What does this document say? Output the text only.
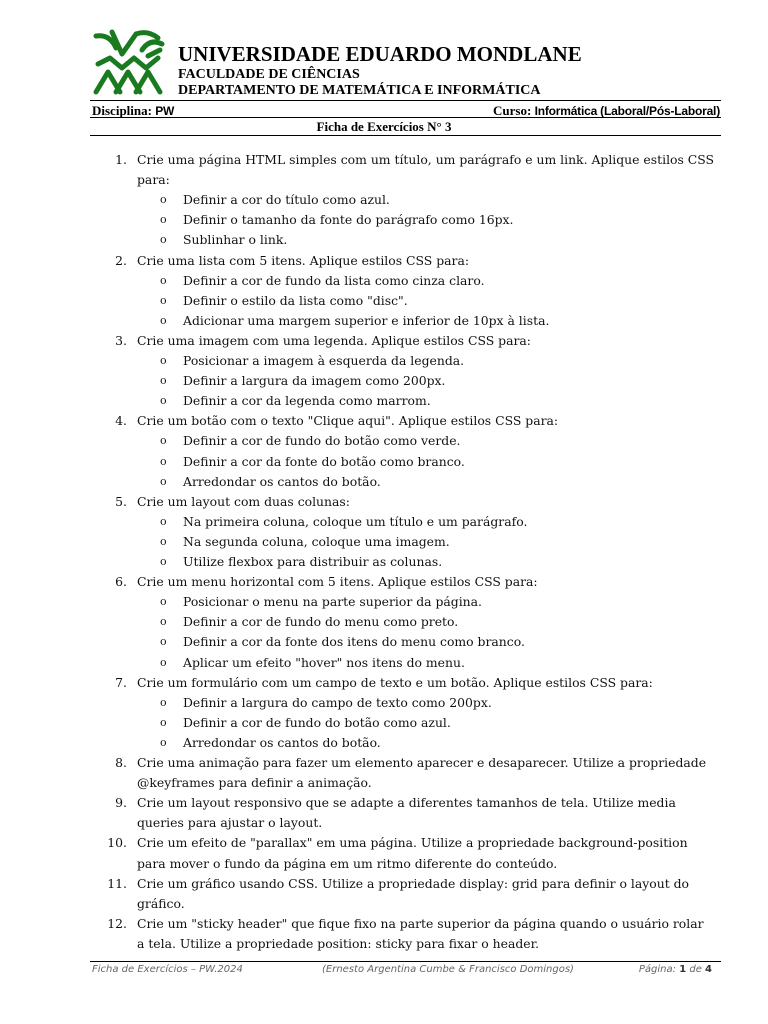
UNIVERSIDADE EDUARDO MONDLANE
FACULDADE DE CIÊNCIAS
DEPARTAMENTO DE MATEMÁTICA E INFORMÁTICA
Disciplina: PW	Curso: Informática (Laboral/Pós-Laboral)
Ficha de Exercícios N° 3
1. Crie uma página HTML simples com um título, um parágrafo e um link. Aplique estilos CSS
para:
o Definir a cor do título como azul.
o Definir o tamanho da fonte do parágrafo como 16px.
o Sublinhar o link.
2. Crie uma lista com 5 itens. Aplique estilos CSS para:
o Definir a cor de fundo da lista como cinza claro.
o Definir o estilo da lista como "disc".
o Adicionar uma margem superior e inferior de 10px à lista.
3. Crie uma imagem com uma legenda. Aplique estilos CSS para:
o Posicionar a imagem à esquerda da legenda.
o Definir a largura da imagem como 200px.
o Definir a cor da legenda como marrom.
4. Crie um botão com o texto "Clique aqui". Aplique estilos CSS para:
o Definir a cor de fundo do botão como verde.
o Definir a cor da fonte do botão como branco.
o Arredondar os cantos do botão.
5. Crie um layout com duas colunas:
o Na primeira coluna, coloque um título e um parágrafo.
o Na segunda coluna, coloque uma imagem.
o Utilize flexbox para distribuir as colunas.
6. Crie um menu horizontal com 5 itens. Aplique estilos CSS para:
o Posicionar o menu na parte superior da página.
o Definir a cor de fundo do menu como preto.
o Definir a cor da fonte dos itens do menu como branco.
o Aplicar um efeito "hover" nos itens do menu.
7. Crie um formulário com um campo de texto e um botão. Aplique estilos CSS para:
o Definir a largura do campo de texto como 200px.
o Definir a cor de fundo do botão como azul.
o Arredondar os cantos do botão.
8. Crie uma animação para fazer um elemento aparecer e desaparecer. Utilize a propriedade
@keyframes para definir a animação.
9. Crie um layout responsivo que se adapte a diferentes tamanhos de tela. Utilize media
queries para ajustar o layout.
10. Crie um efeito de "parallax" em uma página. Utilize a propriedade background-position
para mover o fundo da página em um ritmo diferente do conteúdo.
11. Crie um gráfico usando CSS. Utilize a propriedade display: grid para definir o layout do
gráfico.
12. Crie um "sticky header" que fique fixo na parte superior da página quando o usuário rolar
a tela. Utilize a propriedade position: sticky para fixar o header.
Ficha de Exercícios – PW.2024	(Ernesto Argentina Cumbe & Francisco Domingos)	Página: 1 de 4
